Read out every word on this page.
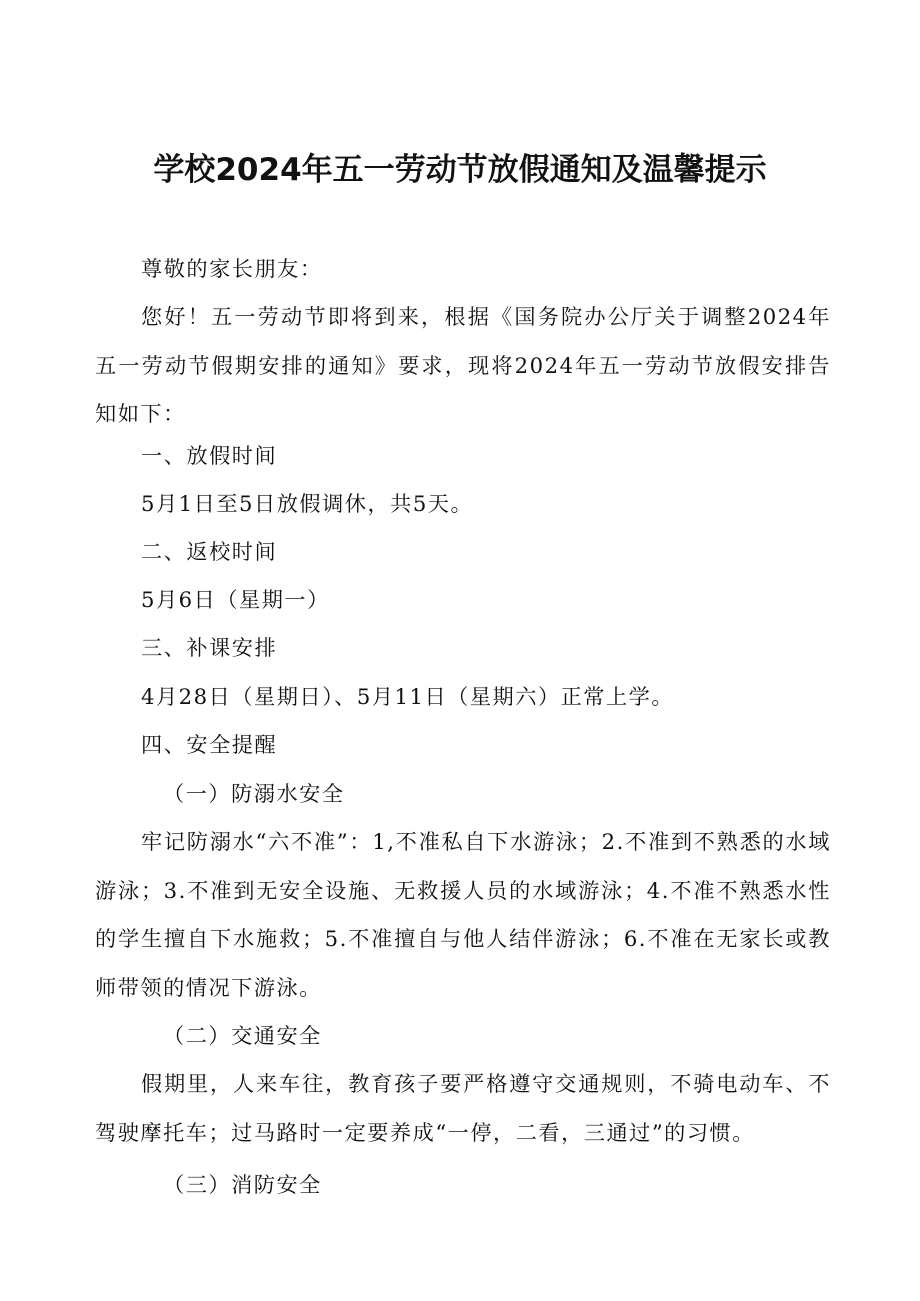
学校2024年五一劳动节放假通知及温馨提示

尊敬的家长朋友：

您好！五一劳动节即将到来，根据《国务院办公厅关于调整2024年五一劳动节假期安排的通知》要求，现将2024年五一劳动节放假安排告知如下：

一、放假时间

5月1日至5日放假调休，共5天。

二、返校时间

5月6日（星期一）

三、补课安排

4月28日（星期日）、5月11日（星期六）正常上学。

四、安全提醒

（一）防溺水安全

牢记防溺水“六不准”：1,不准私自下水游泳；2.不准到不熟悉的水域游泳；3.不准到无安全设施、无救援人员的水域游泳；4.不准不熟悉水性的学生擅自下水施救；5.不准擅自与他人结伴游泳；6.不准在无家长或教师带领的情况下游泳。

（二）交通安全

假期里，人来车往，教育孩子要严格遵守交通规则，不骑电动车、不驾驶摩托车；过马路时一定要养成“一停，二看，三通过”的习惯。

（三）消防安全
